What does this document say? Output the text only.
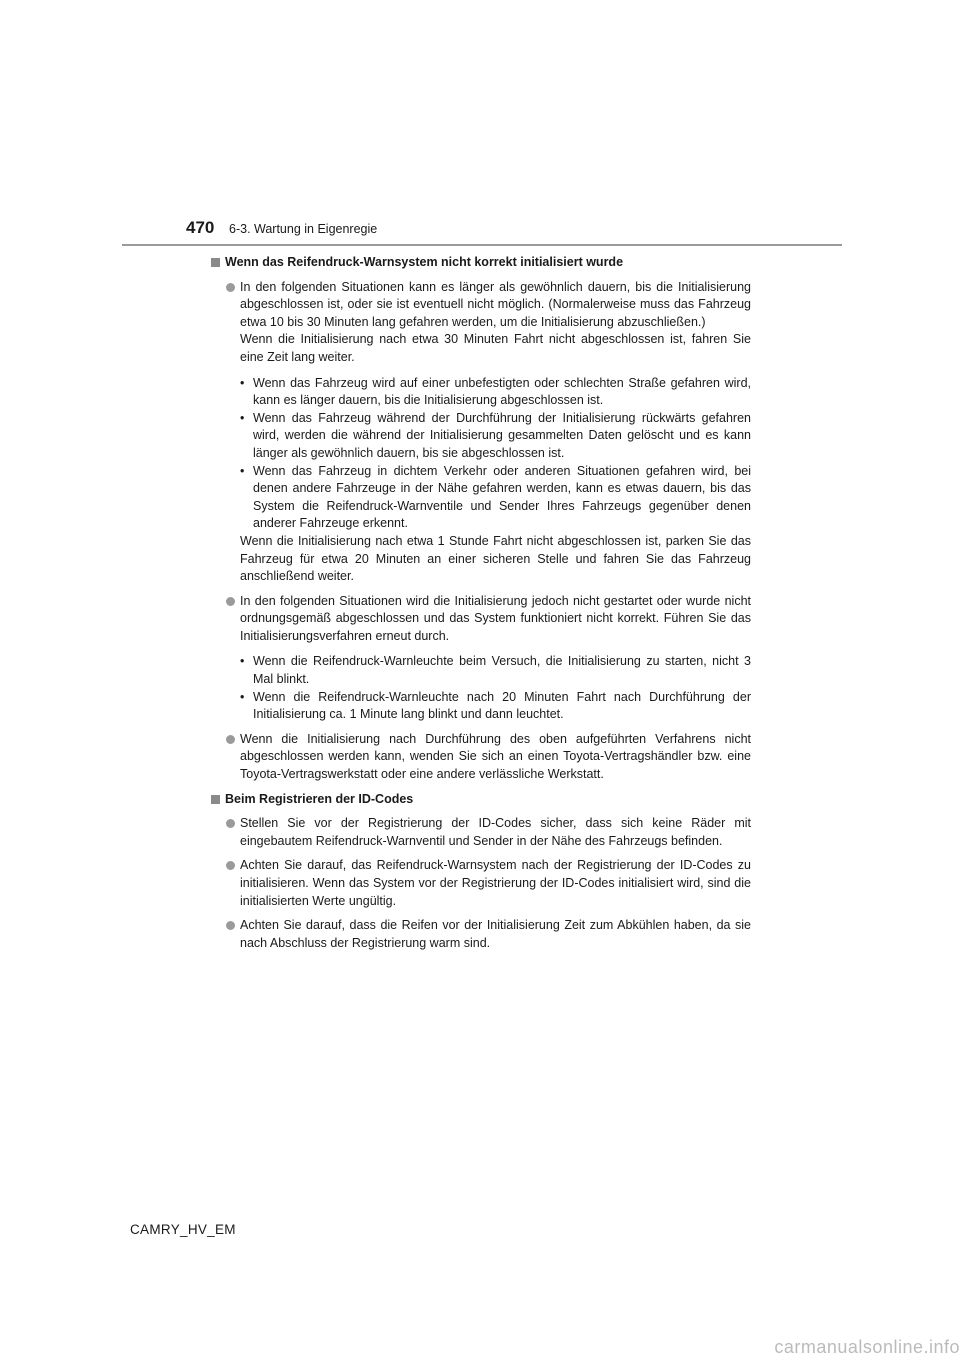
470 6-3. Wartung in Eigenregie
Wenn das Reifendruck-Warnsystem nicht korrekt initialisiert wurde

In den folgenden Situationen kann es länger als gewöhnlich dauern, bis die Initialisierung abgeschlossen ist, oder sie ist eventuell nicht möglich. (Normalerweise muss das Fahrzeug etwa 10 bis 30 Minuten lang gefahren werden, um die Initialisierung abzuschließen.)

Wenn die Initialisierung nach etwa 30 Minuten Fahrt nicht abgeschlossen ist, fahren Sie eine Zeit lang weiter.

• Wenn das Fahrzeug wird auf einer unbefestigten oder schlechten Straße gefahren wird, kann es länger dauern, bis die Initialisierung abgeschlossen ist.
• Wenn das Fahrzeug während der Durchführung der Initialisierung rückwärts gefahren wird, werden die während der Initialisierung gesammelten Daten gelöscht und es kann länger als gewöhnlich dauern, bis sie abgeschlossen ist.
• Wenn das Fahrzeug in dichtem Verkehr oder anderen Situationen gefahren wird, bei denen andere Fahrzeuge in der Nähe gefahren werden, kann es etwas dauern, bis das System die Reifendruck-Warnventile und Sender Ihres Fahrzeugs gegenüber denen anderer Fahrzeuge erkennt.

Wenn die Initialisierung nach etwa 1 Stunde Fahrt nicht abgeschlossen ist, parken Sie das Fahrzeug für etwa 20 Minuten an einer sicheren Stelle und fahren Sie das Fahrzeug anschließend weiter.

In den folgenden Situationen wird die Initialisierung jedoch nicht gestartet oder wurde nicht ordnungsgemäß abgeschlossen und das System funktioniert nicht korrekt. Führen Sie das Initialisierungsverfahren erneut durch.

• Wenn die Reifendruck-Warnleuchte beim Versuch, die Initialisierung zu starten, nicht 3 Mal blinkt.
• Wenn die Reifendruck-Warnleuchte nach 20 Minuten Fahrt nach Durchführung der Initialisierung ca. 1 Minute lang blinkt und dann leuchtet.

Wenn die Initialisierung nach Durchführung des oben aufgeführten Verfahrens nicht abgeschlossen werden kann, wenden Sie sich an einen Toyota-Vertragshändler bzw. eine Toyota-Vertragswerkstatt oder eine andere verlässliche Werkstatt.

Beim Registrieren der ID-Codes

Stellen Sie vor der Registrierung der ID-Codes sicher, dass sich keine Räder mit eingebautem Reifendruck-Warnventil und Sender in der Nähe des Fahrzeugs befinden.

Achten Sie darauf, das Reifendruck-Warnsystem nach der Registrierung der ID-Codes zu initialisieren. Wenn das System vor der Registrierung der ID-Codes initialisiert wird, sind die initialisierten Werte ungültig.

Achten Sie darauf, dass die Reifen vor der Initialisierung Zeit zum Abkühlen haben, da sie nach Abschluss der Registrierung warm sind.

CAMRY_HV_EM
carmanualsonline.info
